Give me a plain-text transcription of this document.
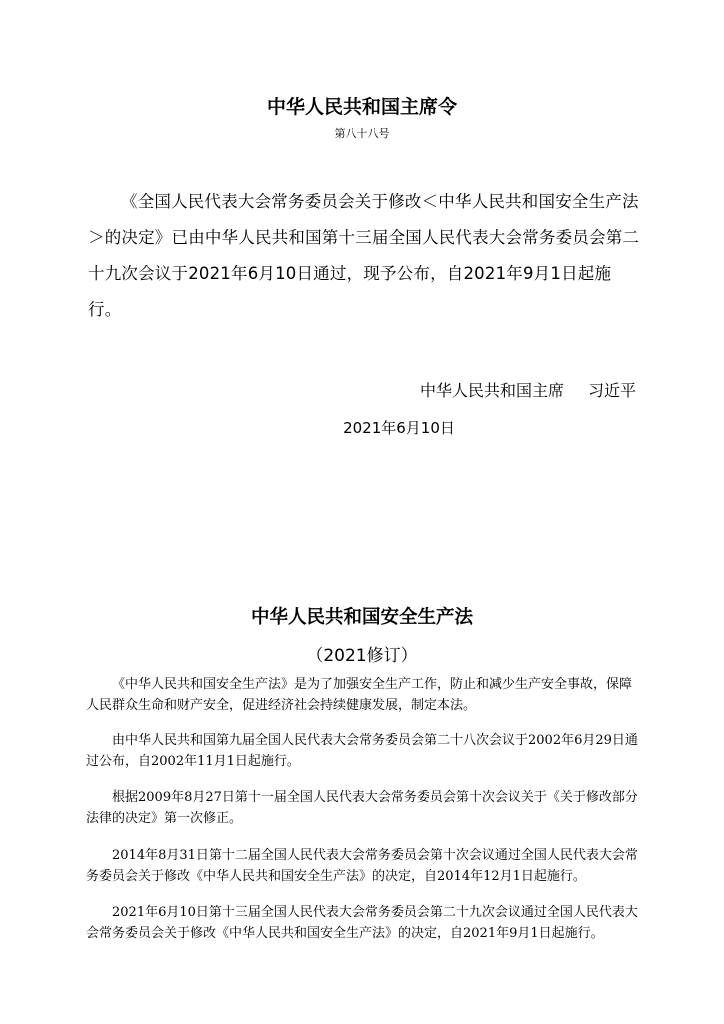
中华人民共和国主席令
第八十八号

《全国人民代表大会常务委员会关于修改＜中华人民共和国安全生产法＞的决定》已由中华人民共和国第十三届全国人民代表大会常务委员会第二十九次会议于2021年6月10日通过，现予公布，自2021年9月1日起施行。

中华人民共和国主席 习近平
2021年6月10日
中华人民共和国安全生产法
（2021修订）

《中华人民共和国安全生产法》是为了加强安全生产工作，防止和减少生产安全事故，保障人民群众生命和财产安全，促进经济社会持续健康发展，制定本法。

由中华人民共和国第九届全国人民代表大会常务委员会第二十八次会议于2002年6月29日通过公布，自2002年11月1日起施行。

根据2009年8月27日第十一届全国人民代表大会常务委员会第十次会议关于《关于修改部分法律的决定》第一次修正。

2014年8月31日第十二届全国人民代表大会常务委员会第十次会议通过全国人民代表大会常务委员会关于修改《中华人民共和国安全生产法》的决定，自2014年12月1日起施行。

2021年6月10日第十三届全国人民代表大会常务委员会第二十九次会议通过全国人民代表大会常务委员会关于修改《中华人民共和国安全生产法》的决定，自2021年9月1日起施行。
